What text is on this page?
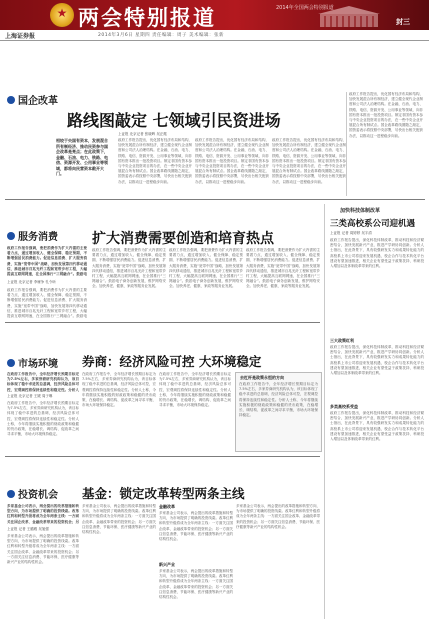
★
两会特别报道	2014年全国两会特别报道
封三
上海证券报	2014年3月6日 星期四 责任编辑：周子 美术编辑：张新
国企改革
路线图敲定 七领域引民资进场
上证报 北京记者 张晓晖 吴正懿
相较于央国有资本，发展混合所有制经济、推动民资参与国企改革是亮点；在此政策下，金融、石油、电力、铁路、电信、资源开发、公用事业等领域，都将向民营资本敞开大门。
政府工作报告提出，优化国有经济布局和结构，加快发展混合所有制经济，建立健全现代企业制度和公司法人治理结构。在金融、石油、电力、铁路、电信、资源开发、公用事业等领域，向非国有资本推出一批投资项目。制定非国有资本参与中央企业投资项目的办法，在一些中央企业开展混合所有制试点。国企改革路线图随之敲定，国资委表示将按照中央部署，尽快出台相关配套办法，以推动这一进程稳步向前。
政府工作报告提出，优化国有经济布局和结构，加快发展混合所有制经济，建立健全现代企业制度和公司法人治理结构。在金融、石油、电力、铁路、电信、资源开发、公用事业等领域，向非国有资本推出一批投资项目。制定非国有资本参与中央企业投资项目的办法，在一些中央企业开展混合所有制试点。国企改革路线图随之敲定，国资委表示将按照中央部署，尽快出台相关配套办法，以推动这一进程稳步向前。
政府工作报告提出，优化国有经济布局和结构，加快发展混合所有制经济，建立健全现代企业制度和公司法人治理结构。在金融、石油、电力、铁路、电信、资源开发、公用事业等领域，向非国有资本推出一批投资项目。制定非国有资本参与中央企业投资项目的办法，在一些中央企业开展混合所有制试点。国企改革路线图随之敲定，国资委表示将按照中央部署，尽快出台相关配套办法，以推动这一进程稳步向前。
政府工作报告提出，优化国有经济布局和结构，加快发展混合所有制经济，建立健全现代企业制度和公司法人治理结构。在金融、石油、电力、铁路、电信、资源开发、公用事业等领域，向非国有资本推出一批投资项目。制定非国有资本参与中央企业投资项目的办法，在一些中央企业开展混合所有制试点。国企改革路线图随之敲定，国资委表示将按照中央部署，尽快出台相关配套办法，以推动这一进程稳步向前。
服务消费 扩大消费需要创造和培育热点
政府工作报告强调，要把消费作为扩大内需的主要着力点，通过增加收入、健全保障、稳定预期，不断增强居民消费能力。促进信息消费、扩大服务消费，实施“宽带中国”战略，加快发展第四代移动通信，推进城市百兆光纤工程和宽带乡村工程，大幅提高互联网网速，在全国推行“三网融合”。鼓励电
上证报 北京记者 李雁争 孔令昕
政府工作报告强调，要把消费作为扩大内需的主要着力点，通过增加收入、健全保障、稳定预期，不断增强居民消费能力。促进信息消费、扩大服务消费，实施“宽带中国”战略，加快发展第四代移动通信，推进城市百兆光纤工程和宽带乡村工程，大幅提高互联网网速，在全国推行“三网融合”。鼓励电
政府工作报告强调，要把消费作为扩大内需的主要着力点，通过增加收入、健全保障、稳定预期，不断增强居民消费能力。促进信息消费、扩大服务消费，实施“宽带中国”战略，加快发展第四代移动通信，推进城市百兆光纤工程和宽带乡村工程，大幅提高互联网网速，在全国推行“三网融合”。鼓励电子商务创新发展，维护网络安全。加快养老、健康、家政等服务业发展。
政府工作报告强调，要把消费作为扩大内需的主要着力点，通过增加收入、健全保障、稳定预期，不断增强居民消费能力。促进信息消费、扩大服务消费，实施“宽带中国”战略，加快发展第四代移动通信，推进城市百兆光纤工程和宽带乡村工程，大幅提高互联网网速，在全国推行“三网融合”。鼓励电子商务创新发展，维护网络安全。加快养老、健康、家政等服务业发展。
政府工作报告强调，要把消费作为扩大内需的主要着力点，通过增加收入、健全保障、稳定预期，不断增强居民消费能力。促进信息消费、扩大服务消费，实施“宽带中国”战略，加快发展第四代移动通信，推进城市百兆光纤工程和宽带乡村工程，大幅提高互联网网速，在全国推行“三网融合”。鼓励电子商务创新发展，维护网络安全。加快养老、健康、家政等服务业发展。
加快科技体制改革
三类高校系公司迎机遇
上证报 记者 周婷婷 吴宇清
政府工作报告提出，深化科技体制改革，推动科技和经济紧密结合，加快发展新兴产业，推进产学研协同创新。分析人士指出，在此背景下，具有较强研发实力和成果转化能力的高校系上市公司将迎来发展机遇，校企合作与技术转化平台建设有望加速推进，相关企业有望受益于政策扶持、科研投入增加以及体制改革带来的红利。
三大政策红利
政府工作报告提出，深化科技体制改革，推动科技和经济紧密结合，加快发展新兴产业，推进产学研协同创新。分析人士指出，在此背景下，具有较强研发实力和成果转化能力的高校系上市公司将迎来发展机遇，校企合作与技术转化平台建设有望加速推进，相关企业有望受益于政策扶持、科研投入增加以及体制改革带来的红利。
多类高校系受益
政府工作报告提出，深化科技体制改革，推动科技和经济紧密结合，加快发展新兴产业，推进产学研协同创新。分析人士指出，在此背景下，具有较强研发实力和成果转化能力的高校系上市公司将迎来发展机遇，校企合作与技术转化平台建设有望加速推进，相关企业有望受益于政策扶持、科研投入增加以及体制改革带来的红利。
市场环境 券商：经济风险可控 大环境稳定
在政府工作报告中，全年经济增长预期目标定为7.5%左右，多家券商研究机构认为，该目标体现了稳中求进的总基调，经济风险总体可控，宏观调控将保持连续性和稳定性。分析人
上证报 北京记者 王媛 周子琳
在政府工作报告中，全年经济增长预期目标定为7.5%左右，多家券商研究机构认为，该目标体现了稳中求进的总基调，经济风险总体可控，宏观调控将保持连续性和稳定性。分析人士称，今年将继续实施积极的财政政策和稳健的货币政策，在稳增长、调结构、促改革之间寻求平衡，市场大环境保持稳定。
在政府工作报告中，全年经济增长预期目标定为7.5%左右，多家券商研究机构认为，该目标体现了稳中求进的总基调，经济风险总体可控，宏观调控将保持连续性和稳定性。分析人士称，今年将继续实施积极的财政政策和稳健的货币政策，在稳增长、调结构、促改革之间寻求平衡，市场大环境保持稳定。
在政府工作报告中，全年经济增长预期目标定为7.5%左右，多家券商研究机构认为，该目标体现了稳中求进的总基调，经济风险总体可控，宏观调控将保持连续性和稳定性。分析人士称，今年将继续实施积极的财政政策和稳健的货币政策，在稳增长、调结构、促改革之间寻求平衡，市场大环境保持稳定。
去杠杆是政策永恒的方向
在政府工作报告中，全年经济增长预期目标定为7.5%左右，多家券商研究机构认为，该目标体现了稳中求进的总基调，经济风险总体可控，宏观调控将保持连续性和稳定性。分析人士称，今年将继续实施积极的财政政策和稳健的货币政策，在稳增长、调结构、促改革之间寻求平衡，市场大环境保持稳定。
投资机会 基金：锁定改革转型两条主线
多家基金公司表示，两会提出的改革措施和转型方向，为市场提供了明确的投资线索。改革红利和转型升级将成为全年两条主线：一方面关注国企改革、金融改革带来的投资机会；另
上证报 记者 王璐雅 吴旭强
多家基金公司表示，两会提出的改革措施和转型方向，为市场提供了明确的投资线索。改革红利和转型升级将成为全年两条主线：一方面关注国企改革、金融改革带来的投资机会；另一方面关注信息消费、节能环保、医疗健康等新兴产业的结构性机会。
多家基金公司表示，两会提出的改革措施和转型方向，为市场提供了明确的投资线索。改革红利和转型升级将成为全年两条主线：一方面关注国企改革、金融改革带来的投资机会；另一方面关注信息消费、节能环保、医疗健康等新兴产业的结构性机会。
金融改革
多家基金公司表示，两会提出的改革措施和转型方向，为市场提供了明确的投资线索。改革红利和转型升级将成为全年两条主线：一方面关注国企改革、金融改革带来的投资机会；另一方面关注信息消费、节能环保、医疗健康等新兴产业的结构性机会。
新兴产业
多家基金公司表示，两会提出的改革措施和转型方向，为市场提供了明确的投资线索。改革红利和转型升级将成为全年两条主线：一方面关注国企改革、金融改革带来的投资机会；另一方面关注信息消费、节能环保、医疗健康等新兴产业的结构性机会。
多家基金公司表示，两会提出的改革措施和转型方向，为市场提供了明确的投资线索。改革红利和转型升级将成为全年两条主线：一方面关注国企改革、金融改革带来的投资机会；另一方面关注信息消费、节能环保、医疗健康等新兴产业的结构性机会。
